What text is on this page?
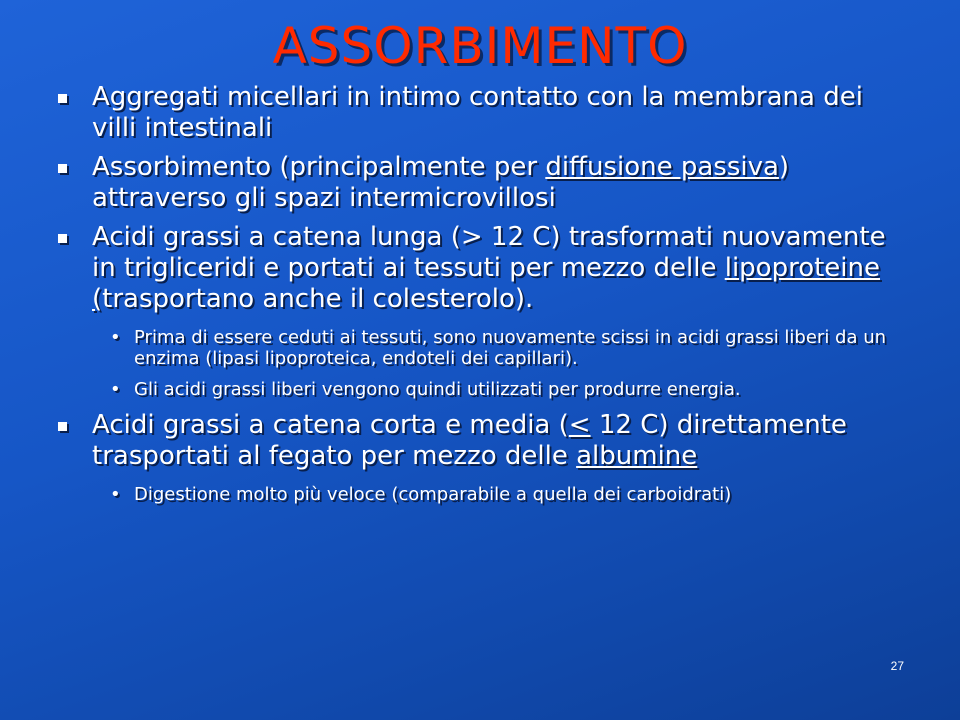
ASSORBIMENTO
Aggregati micellari in intimo contatto con la membrana dei villi intestinali
Assorbimento (principalmente per diffusione passiva) attraverso gli spazi intermicrovillosi
Acidi grassi a catena lunga (> 12 C) trasformati nuovamente in trigliceridi e portati ai tessuti per mezzo delle lipoproteine (trasportano anche il colesterolo).
• Prima di essere ceduti ai tessuti, sono nuovamente scissi in acidi grassi liberi da un enzima (lipasi lipoproteica, endoteli dei capillari).
• Gli acidi grassi liberi vengono quindi utilizzati per produrre energia.
Acidi grassi a catena corta e media (< 12 C) direttamente trasportati al fegato per mezzo delle albumine
• Digestione molto più veloce (comparabile a quella dei carboidrati)
27
